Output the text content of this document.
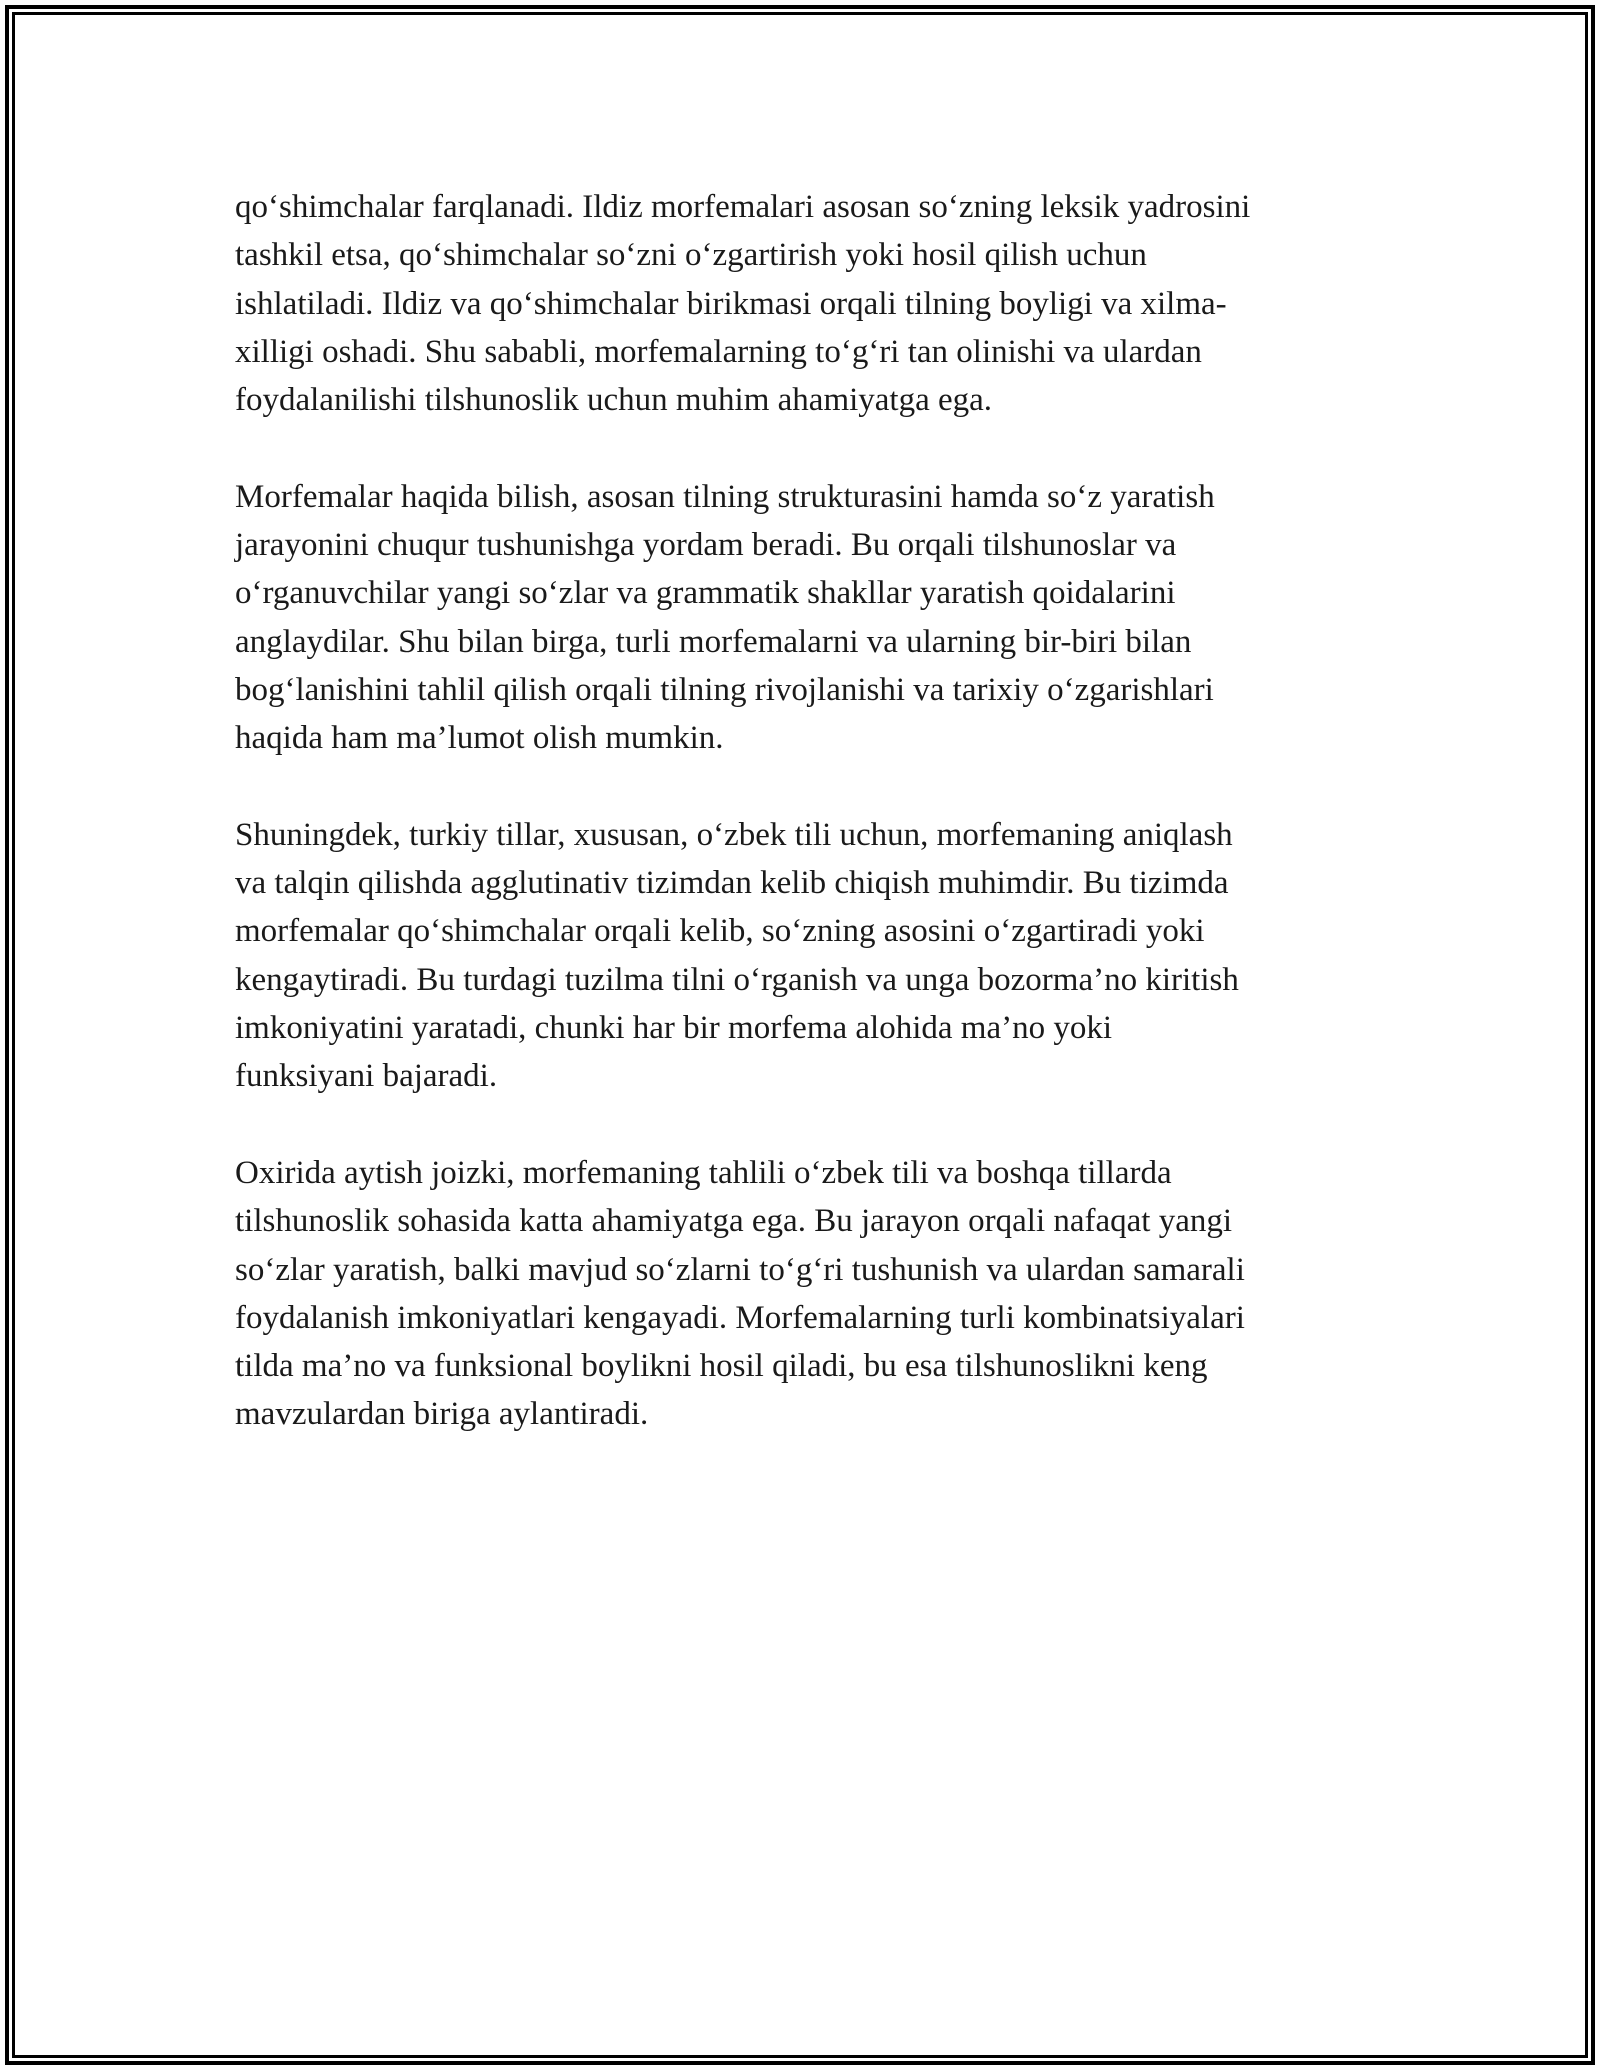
qo‘shimchalar farqlanadi. Ildiz morfemalari asosan so‘zning leksik yadrosini
tashkil etsa, qo‘shimchalar so‘zni o‘zgartirish yoki hosil qilish uchun
ishlatiladi. Ildiz va qo‘shimchalar birikmasi orqali tilning boyligi va xilma-
xilligi oshadi. Shu sababli, morfemalarning to‘g‘ri tan olinishi va ulardan
foydalanilishi tilshunoslik uchun muhim ahamiyatga ega.

Morfemalar haqida bilish, asosan tilning strukturasini hamda so‘z yaratish
jarayonini chuqur tushunishga yordam beradi. Bu orqali tilshunoslar va
o‘rganuvchilar yangi so‘zlar va grammatik shakllar yaratish qoidalarini
anglaydilar. Shu bilan birga, turli morfemalarni va ularning bir-biri bilan
bog‘lanishini tahlil qilish orqali tilning rivojlanishi va tarixiy o‘zgarishlari
haqida ham ma’lumot olish mumkin.

Shuningdek, turkiy tillar, xususan, o‘zbek tili uchun, morfemaning aniqlash
va talqin qilishda agglutinativ tizimdan kelib chiqish muhimdir. Bu tizimda
morfemalar qo‘shimchalar orqali kelib, so‘zning asosini o‘zgartiradi yoki
kengaytiradi. Bu turdagi tuzilma tilni o‘rganish va unga bozorma’no kiritish
imkoniyatini yaratadi, chunki har bir morfema alohida ma’no yoki
funksiyani bajaradi.

Oxirida aytish joizki, morfemaning tahlili o‘zbek tili va boshqa tillarda
tilshunoslik sohasida katta ahamiyatga ega. Bu jarayon orqali nafaqat yangi
so‘zlar yaratish, balki mavjud so‘zlarni to‘g‘ri tushunish va ulardan samarali
foydalanish imkoniyatlari kengayadi. Morfemalarning turli kombinatsiyalari
tilda ma’no va funksional boylikni hosil qiladi, bu esa tilshunoslikni keng
mavzulardan biriga aylantiradi.
